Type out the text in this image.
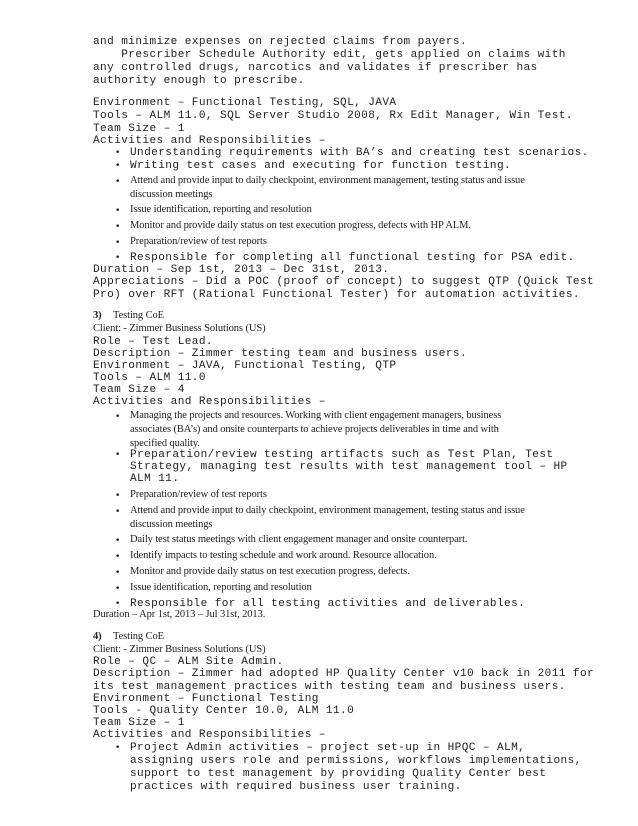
and minimize expenses on rejected claims from payers.
Prescriber Schedule Authority edit, gets applied on claims with
any controlled drugs, narcotics and validates if prescriber has
authority enough to prescribe.
Environment – Functional Testing, SQL, JAVA
Tools – ALM 11.0, SQL Server Studio 2008, Rx Edit Manager, Win Test.
Team Size – 1
Activities and Responsibilities –
• Understanding requirements with BA’s and creating test scenarios.
• Writing test cases and executing for function testing.
• Attend and provide input to daily checkpoint, environment management, testing status and issue
discussion meetings
• Issue identification, reporting and resolution
• Monitor and provide daily status on test execution progress, defects with HP ALM.
• Preparation/review of test reports
• Responsible for completing all functional testing for PSA edit.
Duration – Sep 1st, 2013 – Dec 31st, 2013.
Appreciations – Did a POC (proof of concept) to suggest QTP (Quick Test
Pro) over RFT (Rational Functional Tester) for automation activities.
3) Testing CoE
Client: - Zimmer Business Solutions (US)
Role – Test Lead.
Description – Zimmer testing team and business users.
Environment – JAVA, Functional Testing, QTP
Tools – ALM 11.0
Team Size – 4
Activities and Responsibilities –
• Managing the projects and resources. Working with client engagement managers, business
associates (BA’s) and onsite counterparts to achieve projects deliverables in time and with
specified quality.
• Preparation/review testing artifacts such as Test Plan, Test
Strategy, managing test results with test management tool – HP
ALM 11.
• Preparation/review of test reports
• Attend and provide input to daily checkpoint, environment management, testing status and issue
discussion meetings
• Daily test status meetings with client engagement manager and onsite counterpart.
• Identify impacts to testing schedule and work around. Resource allocation.
• Monitor and provide daily status on test execution progress, defects.
• Issue identification, reporting and resolution
• Responsible for all testing activities and deliverables.
Duration – Apr 1st, 2013 – Jul 31st, 2013.
4) Testing CoE
Client: - Zimmer Business Solutions (US)
Role – QC – ALM Site Admin.
Description – Zimmer had adopted HP Quality Center v10 back in 2011 for
its test management practices with testing team and business users.
Environment – Functional Testing
Tools - Quality Center 10.0, ALM 11.0
Team Size – 1
Activities and Responsibilities –
• Project Admin activities – project set-up in HPQC – ALM,
assigning users role and permissions, workflows implementations,
support to test management by providing Quality Center best
practices with required business user training.
